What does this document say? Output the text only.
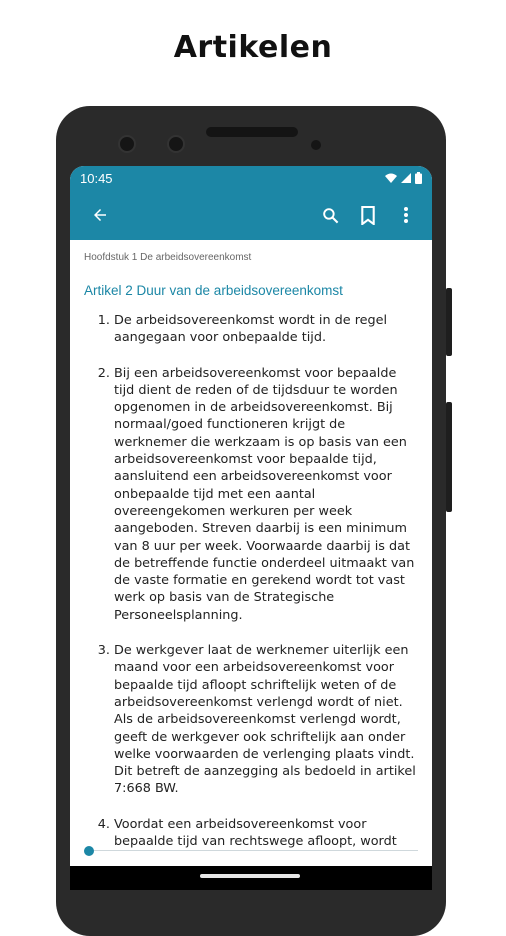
Artikelen
10:45
Hoofdstuk 1 De arbeidsovereenkomst
Artikel 2 Duur van de arbeidsovereenkomst
1. De arbeidsovereenkomst wordt in de regel aangegaan voor onbepaalde tijd.
2. Bij een arbeidsovereenkomst voor bepaalde tijd dient de reden of de tijdsduur te worden opgenomen in de arbeidsovereenkomst. Bij normaal/goed functioneren krijgt de werknemer die werkzaam is op basis van een arbeidsovereenkomst voor bepaalde tijd, aansluitend een arbeidsovereenkomst voor onbepaalde tijd met een aantal overeengekomen werkuren per week aangeboden. Streven daarbij is een minimum van 8 uur per week. Voorwaarde daarbij is dat de betreffende functie onderdeel uitmaakt van de vaste formatie en gerekend wordt tot vast werk op basis van de Strategische Personeelsplanning.
3. De werkgever laat de werknemer uiterlijk een maand voor een arbeidsovereenkomst voor bepaalde tijd afloopt schriftelijk weten of de arbeidsovereenkomst verlengd wordt of niet. Als de arbeidsovereenkomst verlengd wordt, geeft de werkgever ook schriftelijk aan onder welke voorwaarden de verlenging plaats vindt. Dit betreft de aanzegging als bedoeld in artikel 7:668 BW.
4. Voordat een arbeidsovereenkomst voor bepaalde tijd van rechtswege afloopt, wordt
